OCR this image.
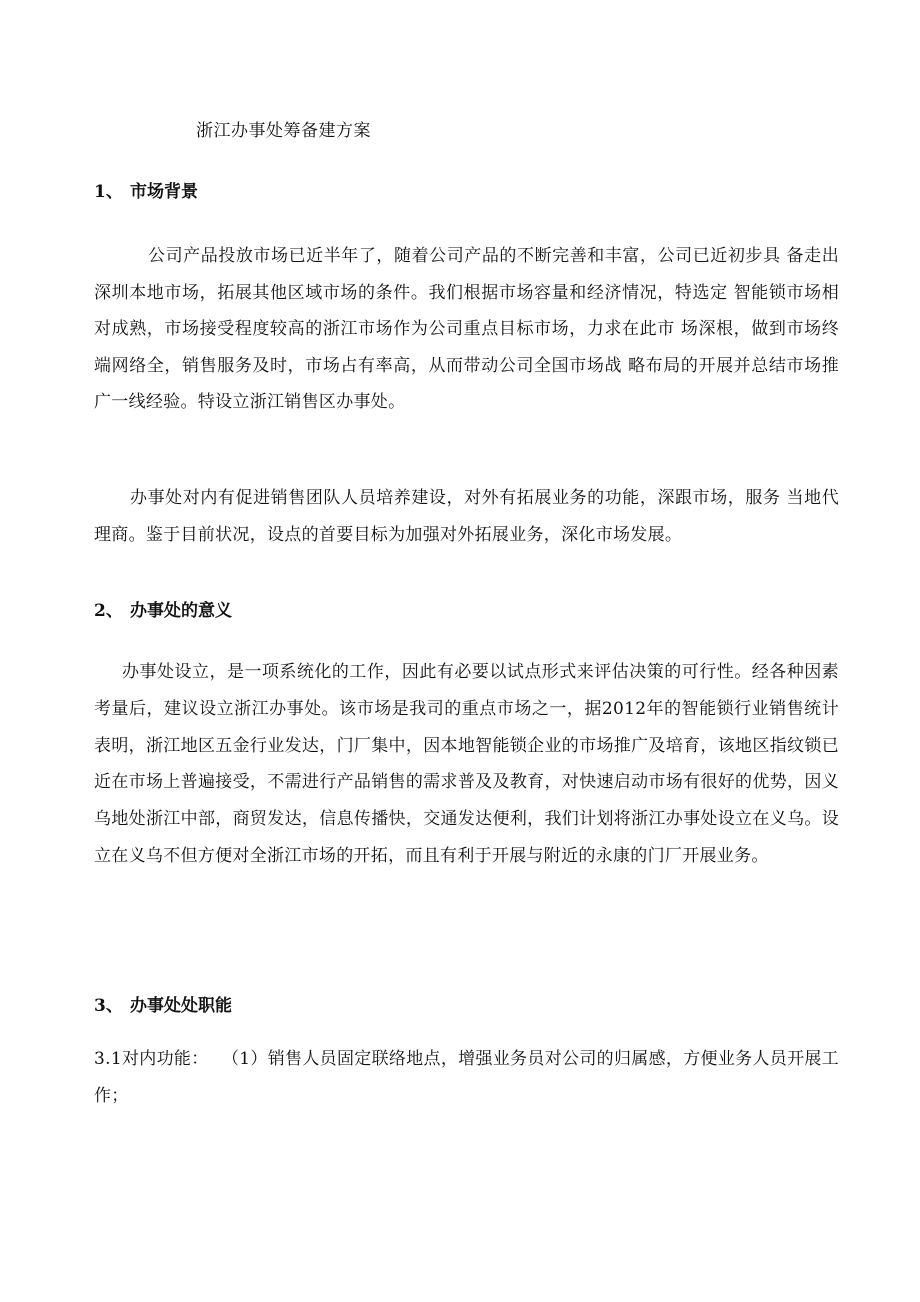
浙江办事处筹备建方案
1、 市场背景

公司产品投放市场已近半年了，随着公司产品的不断完善和丰富，公司已近初步具 备走出深圳本地市场，拓展其他区域市场的条件。我们根据市场容量和经济情况，特选定 智能锁市场相对成熟，市场接受程度较高的浙江市场作为公司重点目标市场，力求在此市 场深根，做到市场终端网络全，销售服务及时，市场占有率高，从而带动公司全国市场战 略布局的开展并总结市场推广一线经验。特设立浙江销售区办事处。

办事处对内有促进销售团队人员培养建设，对外有拓展业务的功能，深跟市场，服务 当地代理商。鉴于目前状况，设点的首要目标为加强对外拓展业务，深化市场发展。

2、 办事处的意义

办事处设立，是一项系统化的工作，因此有必要以试点形式来评估决策的可行性。经各种因素考量后，建议设立浙江办事处。该市场是我司的重点市场之一，据2012年的智能锁行业销售统计表明，浙江地区五金行业发达，门厂集中，因本地智能锁企业的市场推广及培育，该地区指纹锁已近在市场上普遍接受，不需进行产品销售的需求普及及教育，对快速启动市场有很好的优势，因义乌地处浙江中部，商贸发达，信息传播快，交通发达便利，我们计划将浙江办事处设立在义乌。设立在义乌不但方便对全浙江市场的开拓，而且有利于开展与附近的永康的门厂开展业务。

3、 办事处处职能

3.1对内功能： （1）销售人员固定联络地点，增强业务员对公司的归属感，方便业务人员开展工作；
